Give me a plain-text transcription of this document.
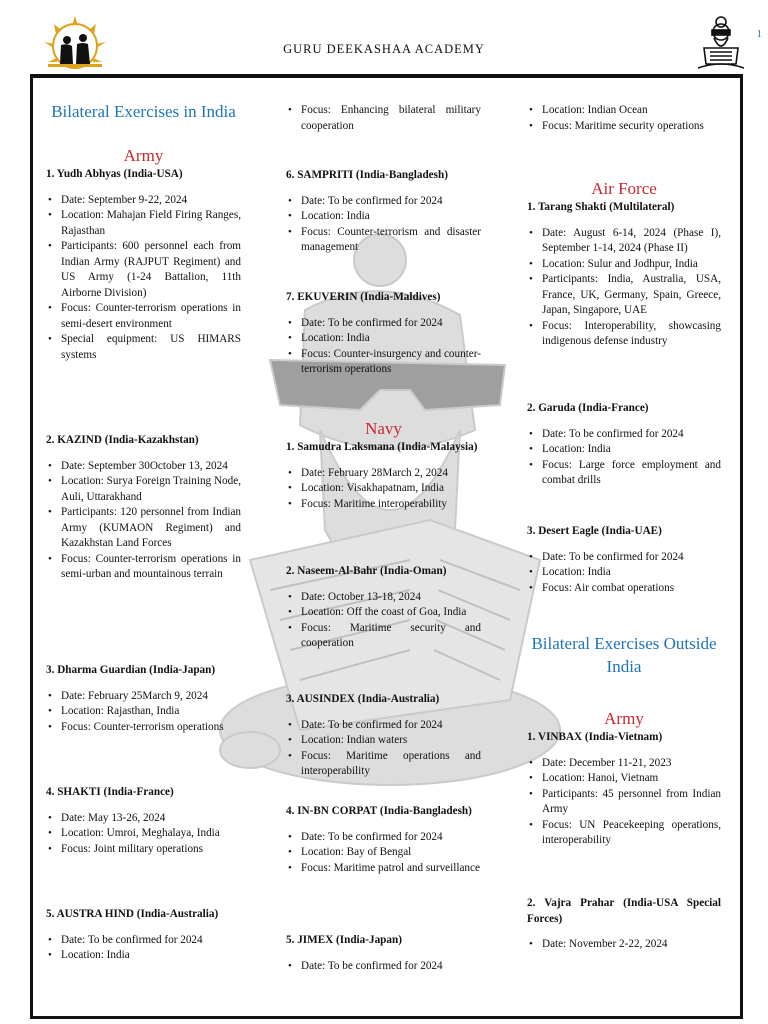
GURU DEEKASHAA ACADEMY
1
Bilateral Exercises in India
Army
1. Yudh Abhyas (India-USA)
• Date: September 9-22, 2024
• Location: Mahajan Field Firing Ranges, Rajasthan
• Participants: 600 personnel each from Indian Army (RAJPUT Regiment) and US Army (1-24 Battalion, 11th Airborne Division)
• Focus: Counter-terrorism operations in semi-desert environment
• Special equipment: US HIMARS systems
2. KAZIND (India-Kazakhstan)
• Date: September 30October 13, 2024
• Location: Surya Foreign Training Node, Auli, Uttarakhand
• Participants: 120 personnel from Indian Army (KUMAON Regiment) and Kazakhstan Land Forces
• Focus: Counter-terrorism operations in semi-urban and mountainous terrain
3. Dharma Guardian (India-Japan)
• Date: February 25March 9, 2024
• Location: Rajasthan, India
• Focus: Counter-terrorism operations
4. SHAKTI (India-France)
• Date: May 13-26, 2024
• Location: Umroi, Meghalaya, India
• Focus: Joint military operations
5. AUSTRA HIND (India-Australia)
• Date: To be confirmed for 2024
• Location: India
• Focus: Enhancing bilateral military cooperation
6. SAMPRITI (India-Bangladesh)
• Date: To be confirmed for 2024
• Location: India
• Focus: Counter-terrorism and disaster management
7. EKUVERIN (India-Maldives)
• Date: To be confirmed for 2024
• Location: India
• Focus: Counter-insurgency and counter-terrorism operations
Navy
1. Samudra Laksmana (India-Malaysia)
• Date: February 28March 2, 2024
• Location: Visakhapatnam, India
• Focus: Maritime interoperability
2. Naseem-Al-Bahr (India-Oman)
• Date: October 13-18, 2024
• Location: Off the coast of Goa, India
• Focus: Maritime security and cooperation
3. AUSINDEX (India-Australia)
• Date: To be confirmed for 2024
• Location: Indian waters
• Focus: Maritime operations and interoperability
4. IN-BN CORPAT (India-Bangladesh)
• Date: To be confirmed for 2024
• Location: Bay of Bengal
• Focus: Maritime patrol and surveillance
5. JIMEX (India-Japan)
• Date: To be confirmed for 2024
• Location: Indian Ocean
• Focus: Maritime security operations
Air Force
1. Tarang Shakti (Multilateral)
• Date: August 6-14, 2024 (Phase I), September 1-14, 2024 (Phase II)
• Location: Sulur and Jodhpur, India
• Participants: India, Australia, USA, France, UK, Germany, Spain, Greece, Japan, Singapore, UAE
• Focus: Interoperability, showcasing indigenous defense industry
2. Garuda (India-France)
• Date: To be confirmed for 2024
• Location: India
• Focus: Large force employment and combat drills
3. Desert Eagle (India-UAE)
• Date: To be confirmed for 2024
• Location: India
• Focus: Air combat operations
Bilateral Exercises Outside India
Army
1. VINBAX (India-Vietnam)
• Date: December 11-21, 2023
• Location: Hanoi, Vietnam
• Participants: 45 personnel from Indian Army
• Focus: UN Peacekeeping operations, interoperability
2. Vajra Prahar (India-USA Special Forces)
• Date: November 2-22, 2024
